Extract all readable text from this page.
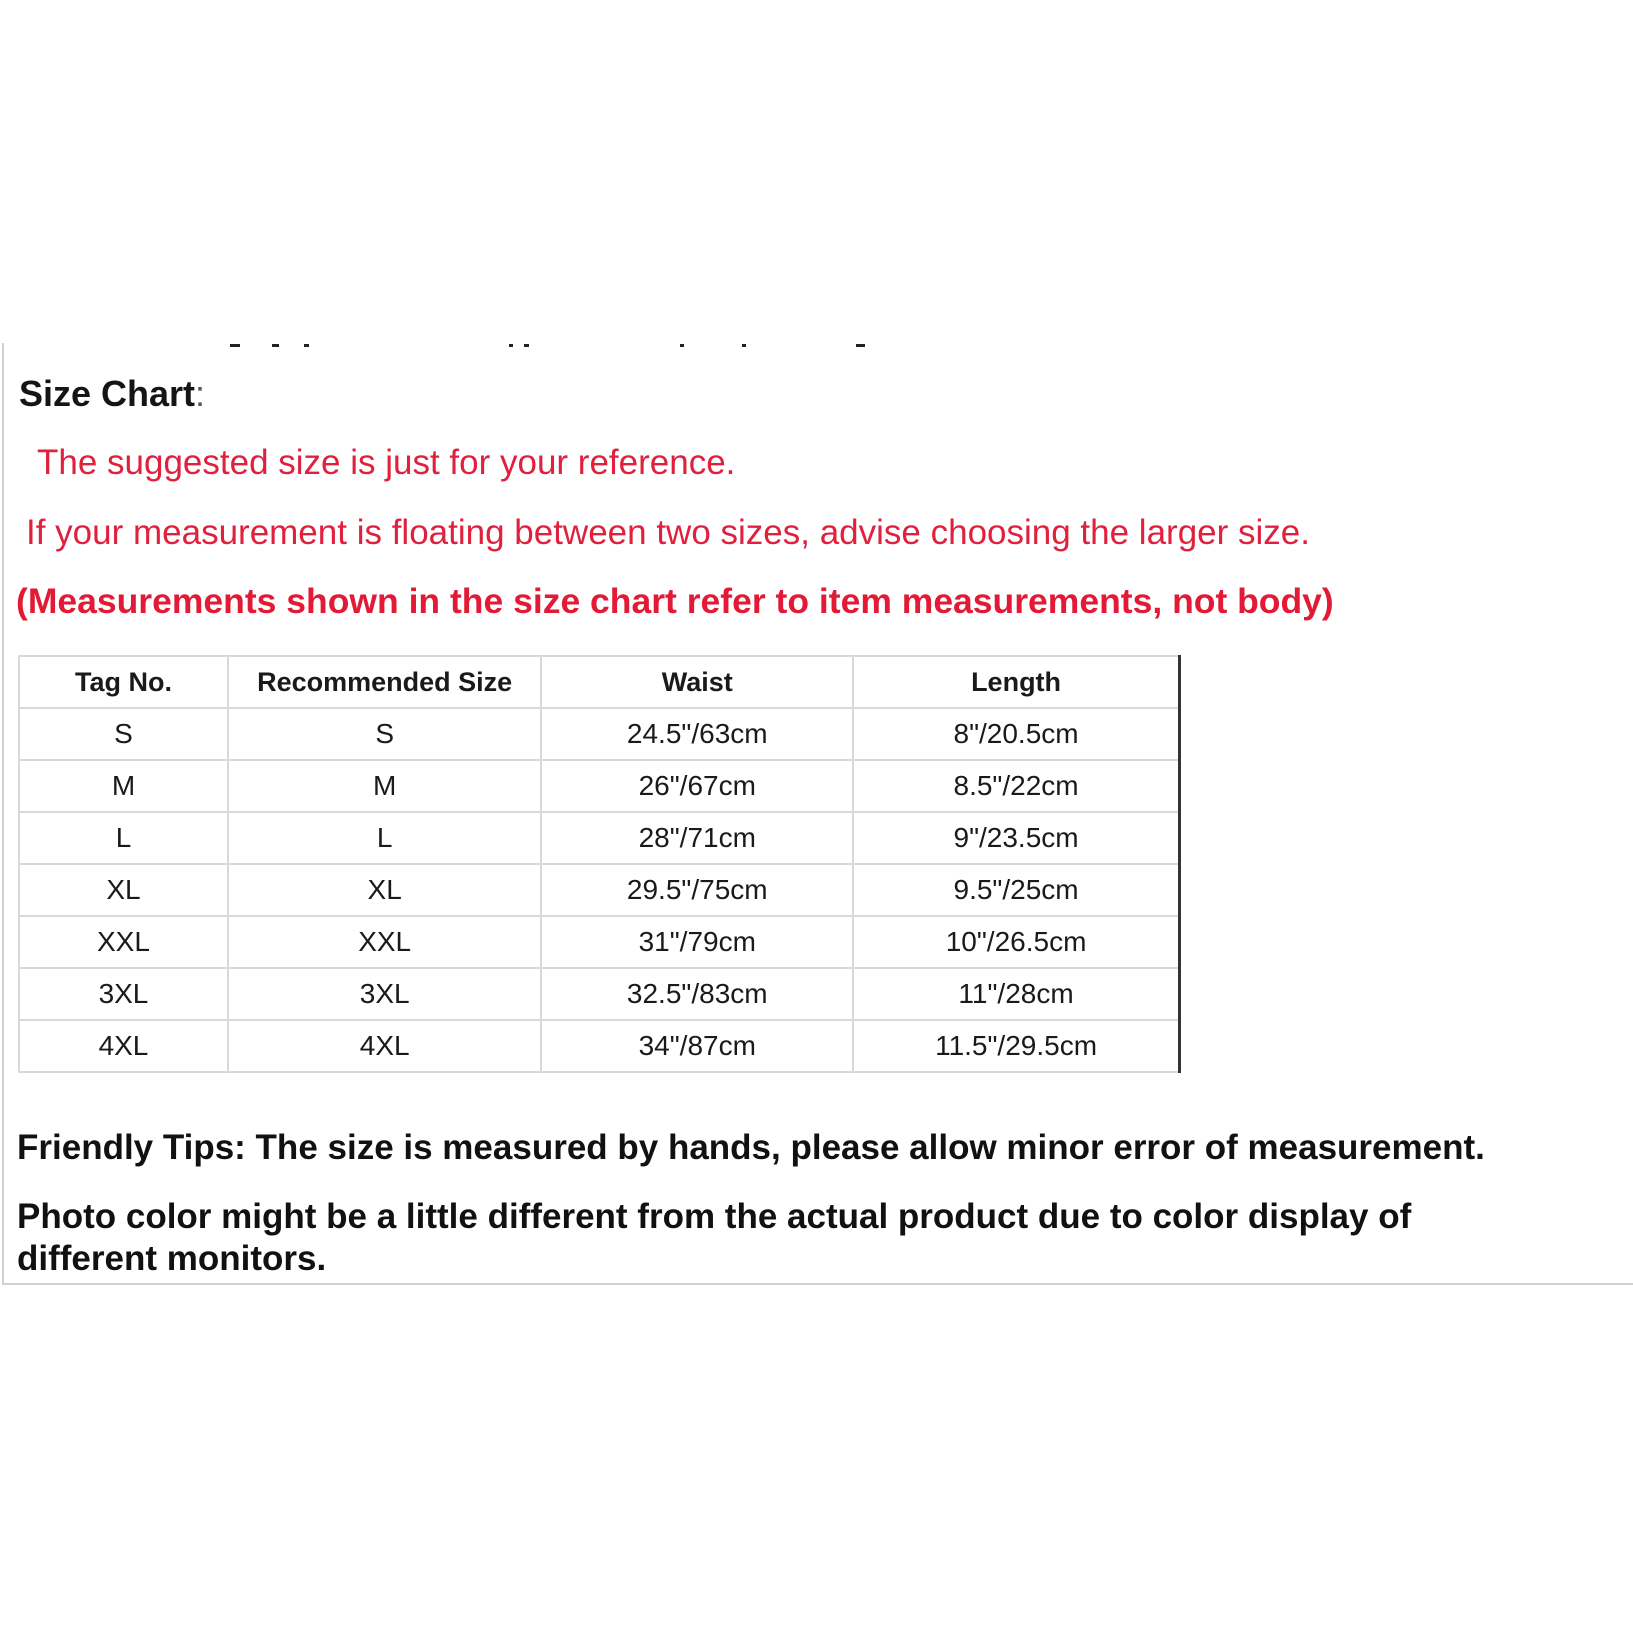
Size Chart:
The suggested size is just for your reference.
If your measurement is floating between two sizes, advise choosing the larger size.
(Measurements shown in the size chart refer to item measurements, not body)
Tag No.	Recommended Size	Waist	Length
S	S	24.5"/63cm	8"/20.5cm
M	M	26"/67cm	8.5"/22cm
L	L	28"/71cm	9"/23.5cm
XL	XL	29.5"/75cm	9.5"/25cm
XXL	XXL	31"/79cm	10"/26.5cm
3XL	3XL	32.5"/83cm	11"/28cm
4XL	4XL	34"/87cm	11.5"/29.5cm
Friendly Tips: The size is measured by hands, please allow minor error of measurement.
Photo color might be a little different from the actual product due to color display of different monitors.
